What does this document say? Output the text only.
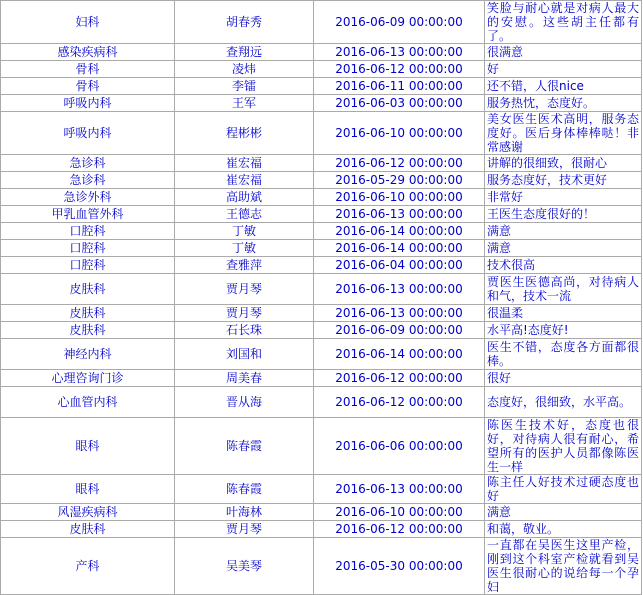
妇科	胡春秀	2016-06-09 00:00:00	笑脸与耐心就是对病人最大的安慰。这些胡主任都有了。
感染疾病科	查翔远	2016-06-13 00:00:00	很满意
骨科	凌炜	2016-06-12 00:00:00	好
骨科	李镭	2016-06-11 00:00:00	还不错，人很nice
呼吸内科	王军	2016-06-03 00:00:00	服务热忱，态度好。
呼吸内科	程彬彬	2016-06-10 00:00:00	美女医生医术高明，服务态度好。医后身体棒棒哒！非常感谢
急诊科	崔宏福	2016-06-12 00:00:00	讲解的很细致，很耐心
急诊科	崔宏福	2016-05-29 00:00:00	服务态度好，技术更好
急诊外科	高助斌	2016-06-10 00:00:00	非常好
甲乳血管外科	王德志	2016-06-13 00:00:00	王医生态度很好的！
口腔科	丁敏	2016-06-14 00:00:00	满意
口腔科	丁敏	2016-06-14 00:00:00	满意
口腔科	查雅萍	2016-06-04 00:00:00	技术很高
皮肤科	贾月琴	2016-06-13 00:00:00	贾医生医德高尚，对待病人和气，技术一流
皮肤科	贾月琴	2016-06-13 00:00:00	很温柔
皮肤科	石长珠	2016-06-09 00:00:00	水平高!态度好!
神经内科	刘国和	2016-06-14 00:00:00	医生不错，态度各方面都很棒。
心理咨询门诊	周美春	2016-06-12 00:00:00	很好
心血管内科	晋从海	2016-06-12 00:00:00	态度好，很细致，水平高。
眼科	陈春霞	2016-06-06 00:00:00	陈医生技术好，态度也很好，对待病人很有耐心，希望所有的医护人员都像陈医生一样
眼科	陈春霞	2016-06-13 00:00:00	陈主任人好技术过硬态度也好
风湿疾病科	叶海林	2016-06-10 00:00:00	满意
皮肤科	贾月琴	2016-06-12 00:00:00	和蔼，敬业。
产科	吴美琴	2016-05-30 00:00:00	一直都在吴医生这里产检，刚到这个科室产检就看到吴医生很耐心的说给每一个孕妇
